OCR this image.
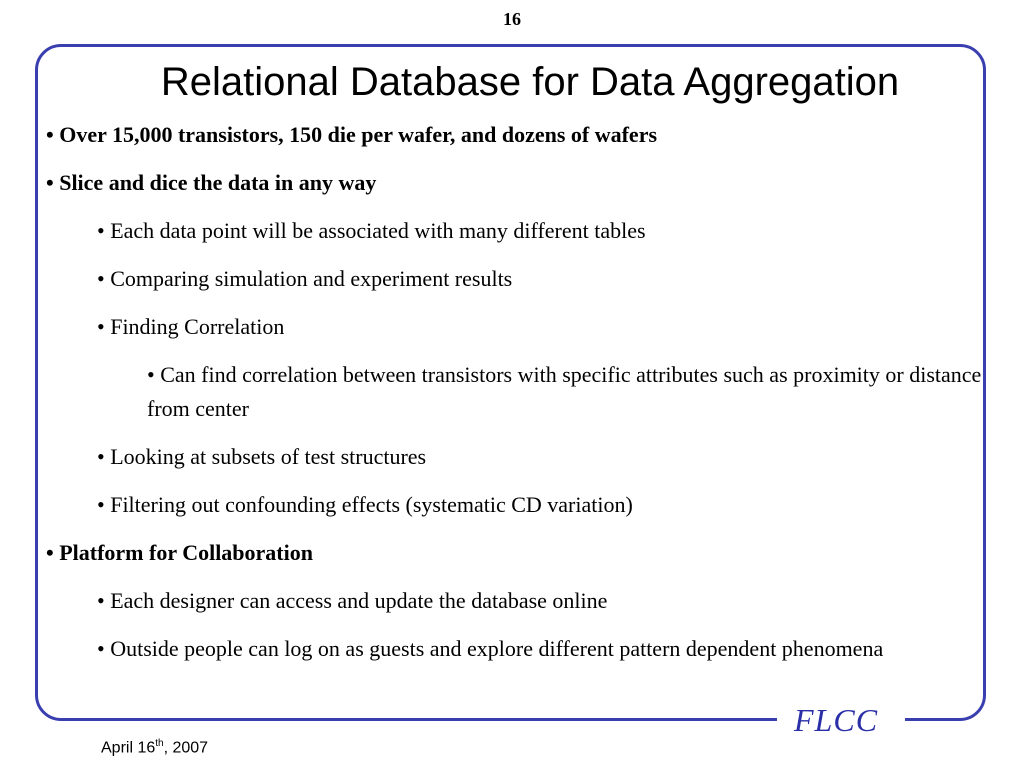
16
FLCC
Relational Database for Data Aggregation
• Over 15,000 transistors, 150 die per wafer, and dozens of wafers
• Slice and dice the data in any way
• Each data point will be associated with many different tables
• Comparing simulation and experiment results
• Finding Correlation
• Can find correlation between transistors with specific attributes such as proximity or distance from center
• Looking at subsets of test structures
• Filtering out confounding effects (systematic CD variation)
• Platform for Collaboration
• Each designer can access and update the database online
• Outside people can log on as guests and explore different pattern dependent phenomena
April 16th, 2007
